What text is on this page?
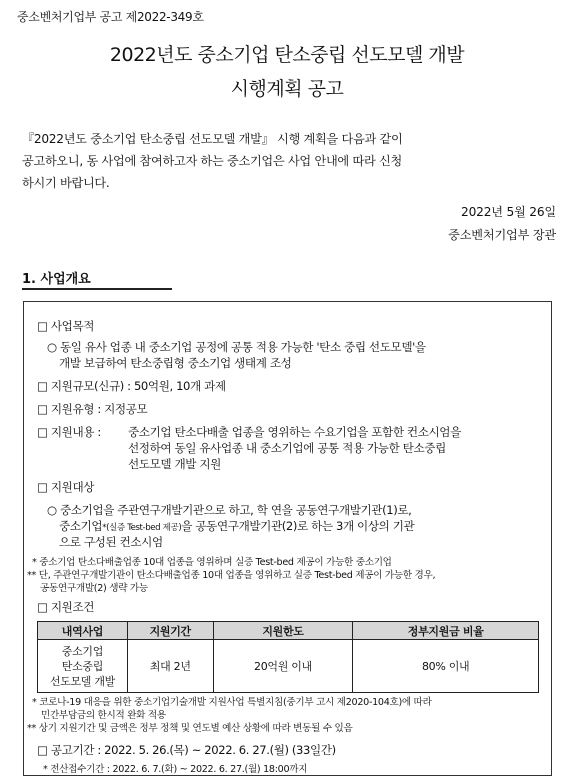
중소벤처기업부 공고 제2022-349호
2022년도 중소기업 탄소중립 선도모델 개발
시행계획 공고
『2022년도 중소기업 탄소중립 선도모델 개발』 시행 계획을 다음과 같이
공고하오니, 동 사업에 참여하고자 하는 중소기업은 사업 안내에 따라 신청
하시기 바랍니다.
2022년 5월 26일
중소벤처기업부 장관
1. 사업개요
□ 사업목적
○ 동일 유사 업종 내 중소기업 공정에 공통 적용 가능한 '탄소 중립 선도모델'을
개발 보급하여 탄소중립형 중소기업 생태계 조성
□ 지원규모(신규) : 50억원, 10개 과제
□ 지원유형 : 지정공모
□ 지원내용 : 중소기업 탄소다배출 업종을 영위하는 수요기업을 포함한 컨소시엄을
선정하여 동일 유사업종 내 중소기업에 공통 적용 가능한 탄소중립
선도모델 개발 지원
□ 지원대상
○ 중소기업을 주관연구개발기관으로 하고, 학 연을 공동연구개발기관(1)로,
중소기업*(실증 Test-bed 제공)을 공동연구개발기관(2)로 하는 3개 이상의 기관
으로 구성된 컨소시엄
* 중소기업 탄소다배출업종 10대 업종을 영위하며 실증 Test-bed 제공이 가능한 중소기업
** 단, 주관연구개발기관이 탄소다배출업종 10대 업종을 영위하고 실증 Test-bed 제공이 가능한 경우,
공동연구개발(2) 생략 가능
□ 지원조건
내역사업	지원기간	지원한도	정부지원금 비율

중소기업
탄소중립
선도모델 개발	최대 2년	20억원 이내	80% 이내
* 코로나-19 대응을 위한 중소기업기술개발 지원사업 특별지침(중기부 고시 제2020-104호)에 따라
민간부담금의 한시적 완화 적용
** 상기 지원기간 및 금액은 정부 정책 및 연도별 예산 상황에 따라 변동될 수 있음
□ 공고기간 : 2022. 5. 26.(목) ~ 2022. 6. 27.(월) (33일간)
* 전산접수기간 : 2022. 6. 7.(화) ~ 2022. 6. 27.(월) 18:00까지
